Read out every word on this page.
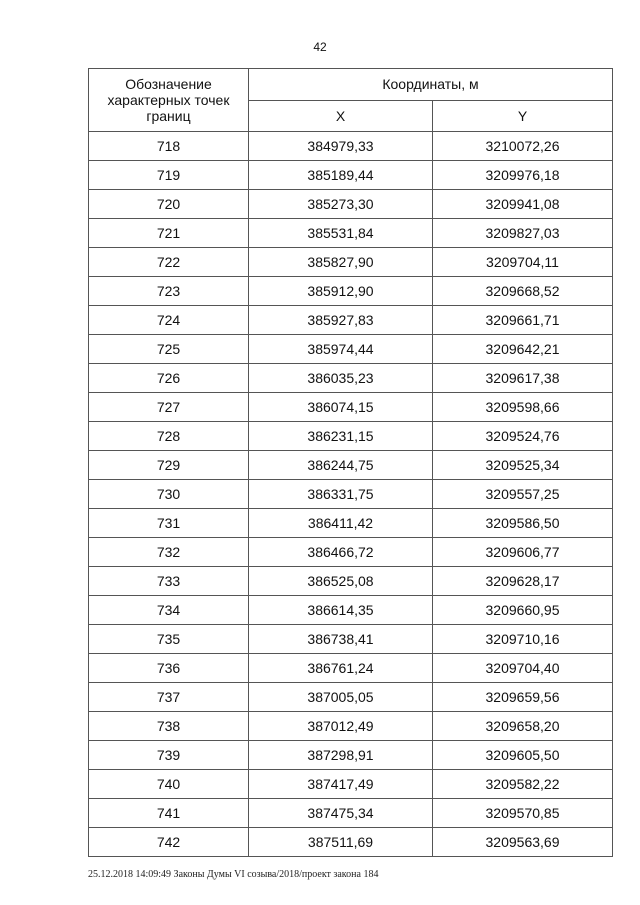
42
Обозначение характерных точек границ	Координаты, м	
	X	Y
718	384979,33	3210072,26
719	385189,44	3209976,18
720	385273,30	3209941,08
721	385531,84	3209827,03
722	385827,90	3209704,11
723	385912,90	3209668,52
724	385927,83	3209661,71
725	385974,44	3209642,21
726	386035,23	3209617,38
727	386074,15	3209598,66
728	386231,15	3209524,76
729	386244,75	3209525,34
730	386331,75	3209557,25
731	386411,42	3209586,50
732	386466,72	3209606,77
733	386525,08	3209628,17
734	386614,35	3209660,95
735	386738,41	3209710,16
736	386761,24	3209704,40
737	387005,05	3209659,56
738	387012,49	3209658,20
739	387298,91	3209605,50
740	387417,49	3209582,22
741	387475,34	3209570,85
742	387511,69	3209563,69
25.12.2018 14:09:49 Законы Думы VI созыва/2018/проект закона 184
